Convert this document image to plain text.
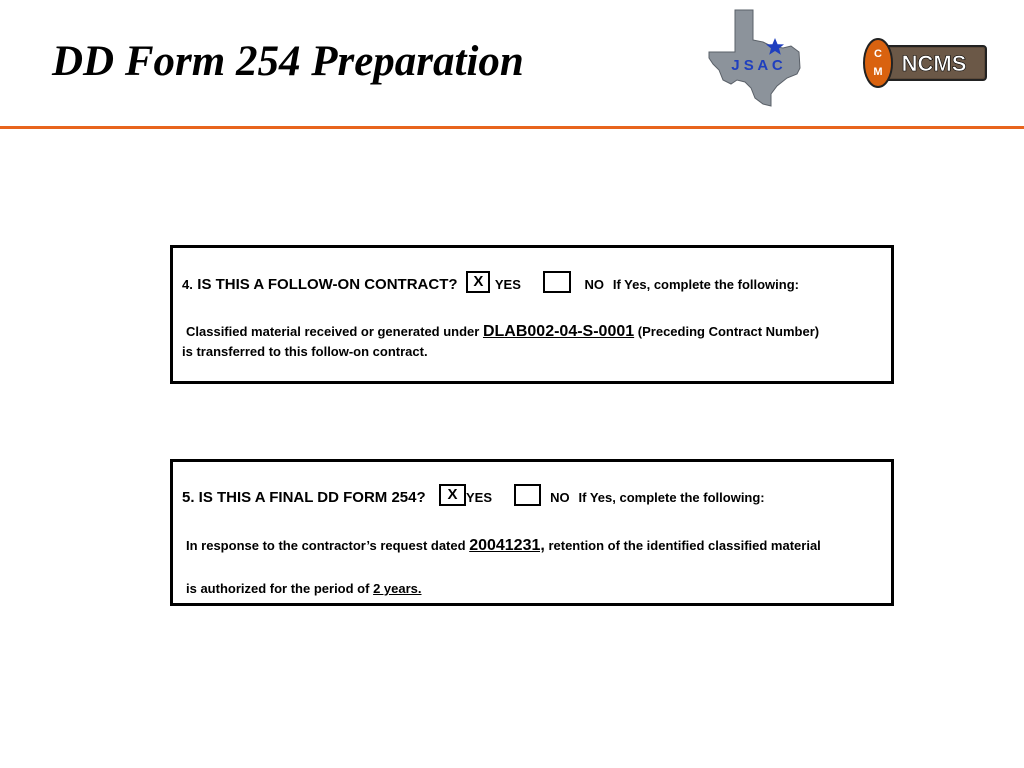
DD Form 254 Preparation	J S A C
C
M NCMS
4. IS THIS A FOLLOW-ON CONTRACT? X YES	NO If Yes, complete the following:
Classified material received or generated under DLAB002-04-S-0001 (Preceding Contract Number)
is transferred to this follow-on contract.
5. IS THIS A FINAL DD FORM 254? X YES	NO If Yes, complete the following:
In response to the contractor’s request dated 20041231, retention of the identified classified material
is authorized for the period of 2 years.
